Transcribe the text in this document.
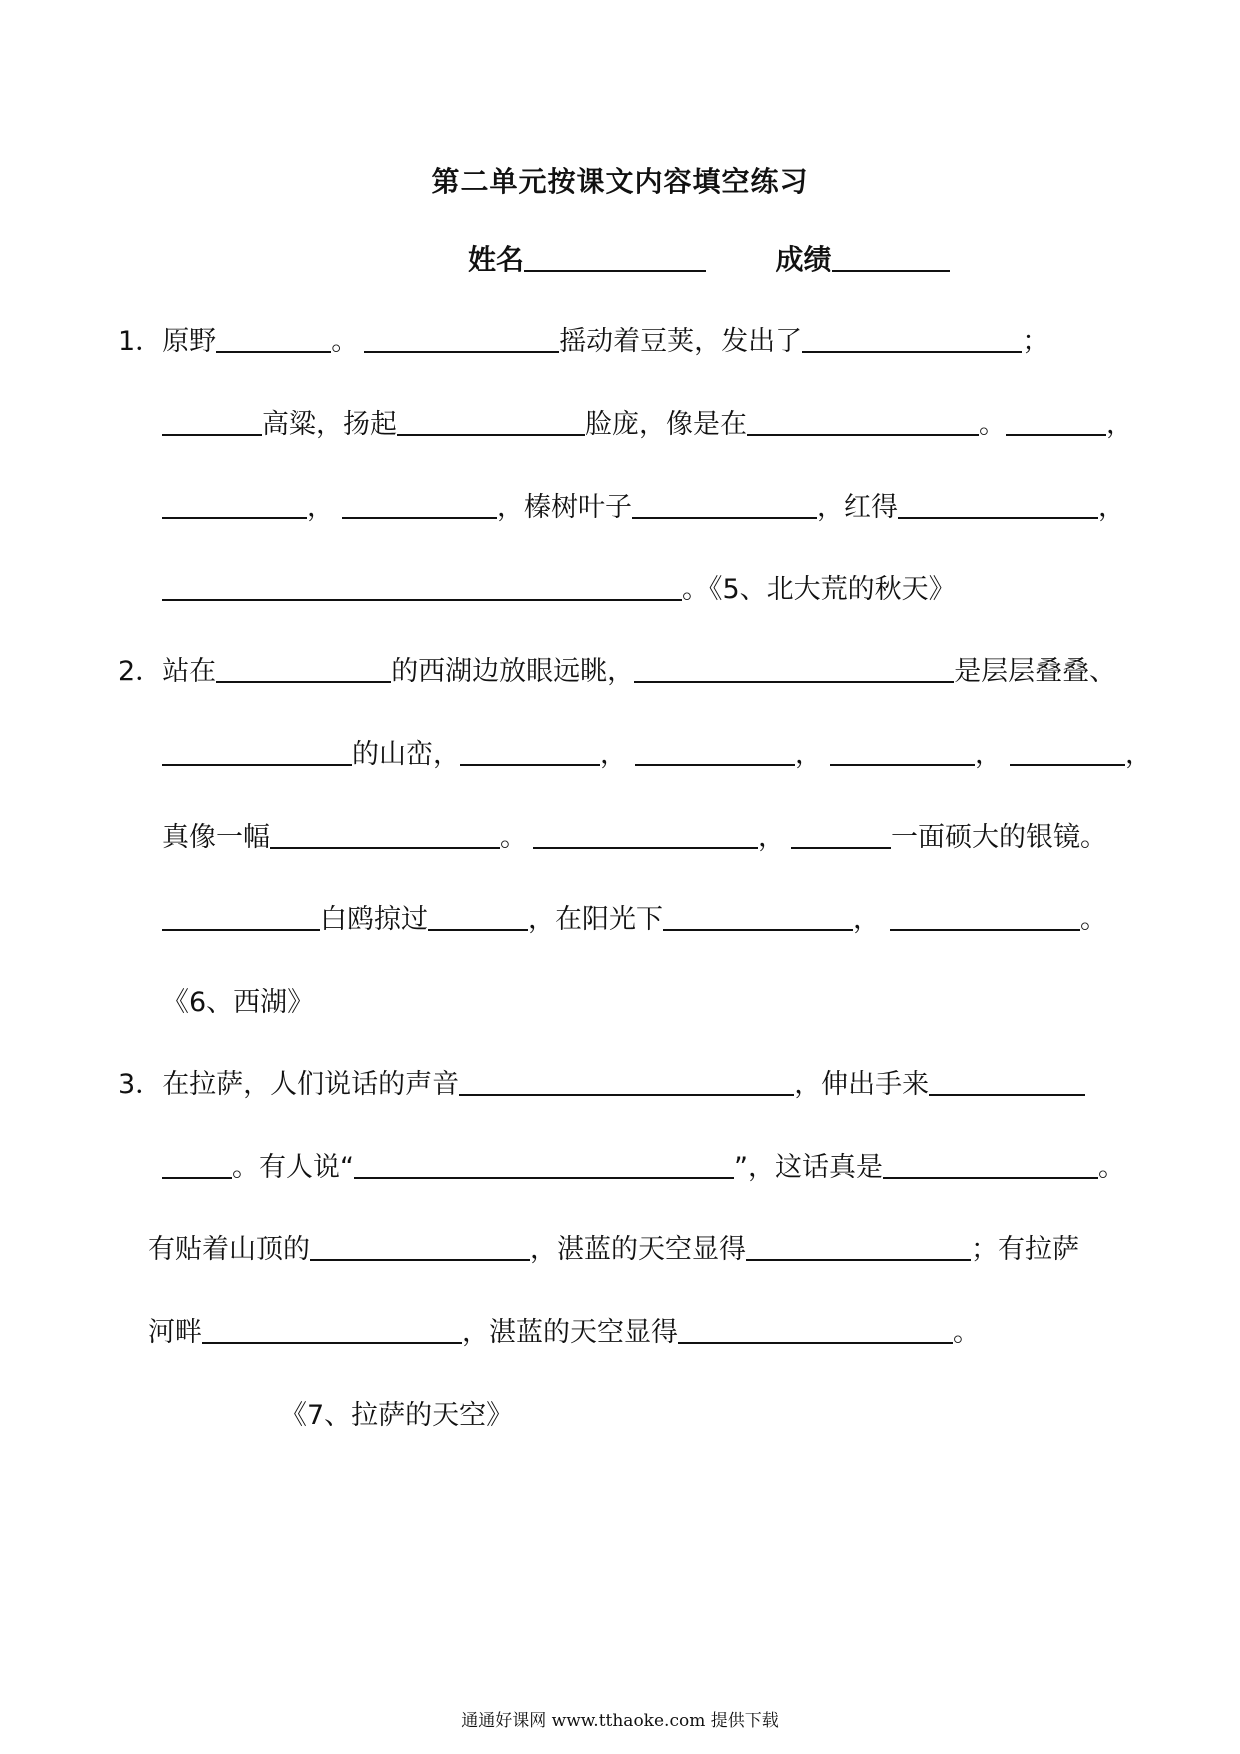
第二单元按课文内容填空练习
姓名	成绩
1．原野	。	摇动着豆荚，发出了	；
高粱，扬起	脸庞，像是在	。	，
，	，榛树叶子	，红得	，
。《5、北大荒的秋天》
2．站在	的西湖边放眼远眺，	是层层叠叠、
的山峦，	，	，	，	，
真像一幅	。	，	一面硕大的银镜。
白鸥掠过	，在阳光下	，	。
《6、西湖》
3．在拉萨，人们说话的声音	，伸出手来
。有人说“	”，这话真是	。
有贴着山顶的	，湛蓝的天空显得	；有拉萨
河畔	，湛蓝的天空显得	。
《7、拉萨的天空》
通通好课网 www.tthaoke.com 提供下载
